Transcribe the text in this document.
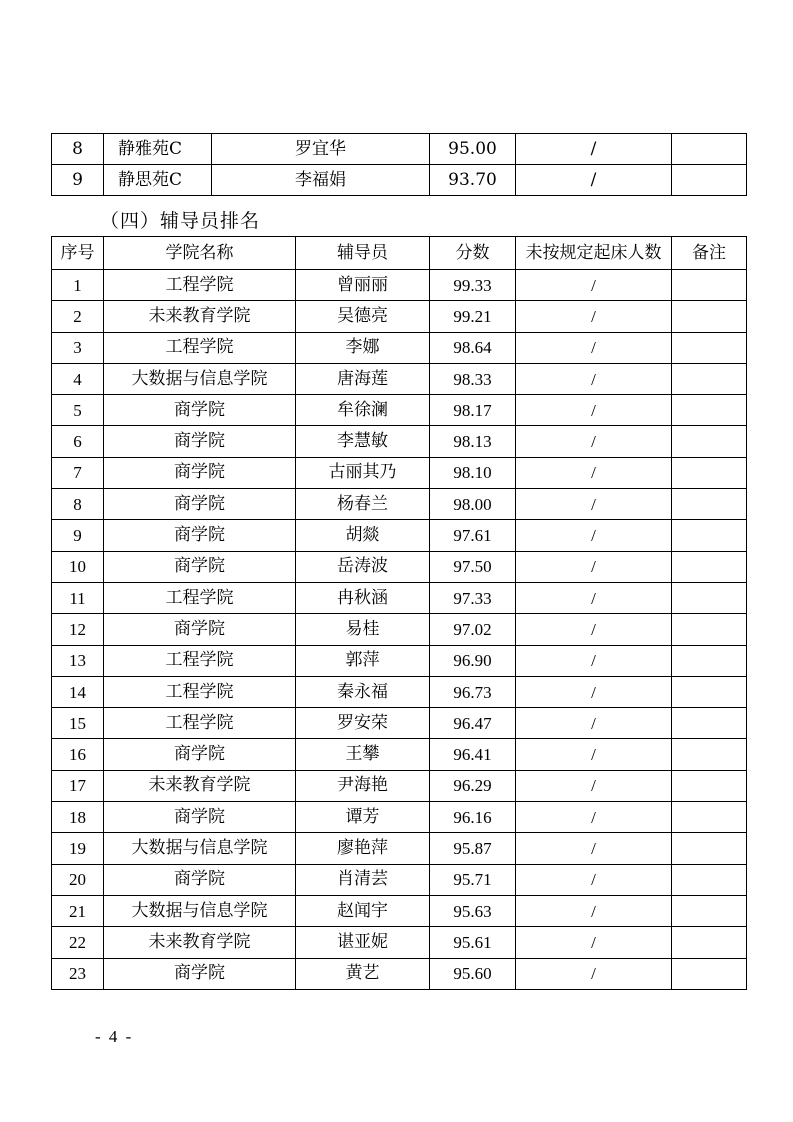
8	静雅苑C	罗宜华	95.00	/	
9	静思苑C	李福娟	93.70	/	
（四）辅导员排名
序号	学院名称	辅导员	分数	未按规定起床人数	备注
1	工程学院	曾丽丽	99.33	/	
2	未来教育学院	吴德亮	99.21	/	
3	工程学院	李娜	98.64	/	
4	大数据与信息学院	唐海莲	98.33	/	
5	商学院	牟徐澜	98.17	/	
6	商学院	李慧敏	98.13	/	
7	商学院	古丽其乃	98.10	/	
8	商学院	杨春兰	98.00	/	
9	商学院	胡燚	97.61	/	
10	商学院	岳涛波	97.50	/	
11	工程学院	冉秋涵	97.33	/	
12	商学院	易桂	97.02	/	
13	工程学院	郭萍	96.90	/	
14	工程学院	秦永福	96.73	/	
15	工程学院	罗安荣	96.47	/	
16	商学院	王攀	96.41	/	
17	未来教育学院	尹海艳	96.29	/	
18	商学院	谭芳	96.16	/	
19	大数据与信息学院	廖艳萍	95.87	/	
20	商学院	肖清芸	95.71	/	
21	大数据与信息学院	赵闻宇	95.63	/	
22	未来教育学院	谌亚妮	95.61	/	
23	商学院	黄艺	95.60	/	
- 4 -
